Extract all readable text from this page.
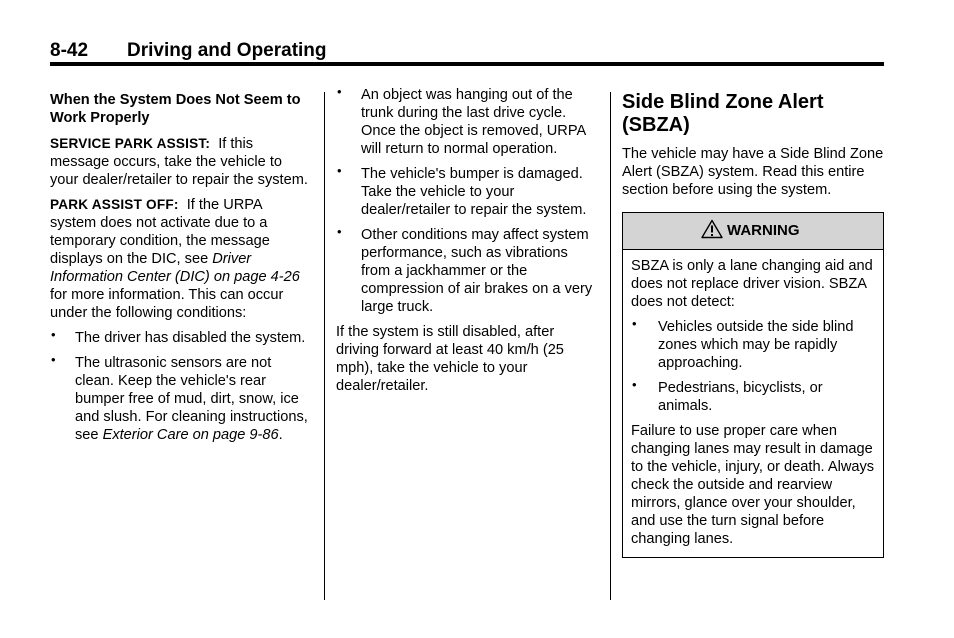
8-42 Driving and Operating
When the System Does Not Seem to Work Properly

SERVICE PARK ASSIST: If this message occurs, take the vehicle to your dealer/retailer to repair the system.

PARK ASSIST OFF: If the URPA system does not activate due to a temporary condition, the message displays on the DIC, see Driver Information Center (DIC) on page 4-26 for more information. This can occur under the following conditions:

• The driver has disabled the system.
• The ultrasonic sensors are not clean. Keep the vehicle's rear bumper free of mud, dirt, snow, ice and slush. For cleaning instructions, see Exterior Care on page 9-86.
• An object was hanging out of the trunk during the last drive cycle. Once the object is removed, URPA will return to normal operation.
• The vehicle's bumper is damaged. Take the vehicle to your dealer/retailer to repair the system.
• Other conditions may affect system performance, such as vibrations from a jackhammer or the compression of air brakes on a very large truck.

If the system is still disabled, after driving forward at least 40 km/h (25 mph), take the vehicle to your dealer/retailer.

Side Blind Zone Alert (SBZA)

The vehicle may have a Side Blind Zone Alert (SBZA) system. Read this entire section before using the system.

WARNING

SBZA is only a lane changing aid and does not replace driver vision. SBZA does not detect:

• Vehicles outside the side blind zones which may be rapidly approaching.
• Pedestrians, bicyclists, or animals.

Failure to use proper care when changing lanes may result in damage to the vehicle, injury, or death. Always check the outside and rearview mirrors, glance over your shoulder, and use the turn signal before changing lanes.
